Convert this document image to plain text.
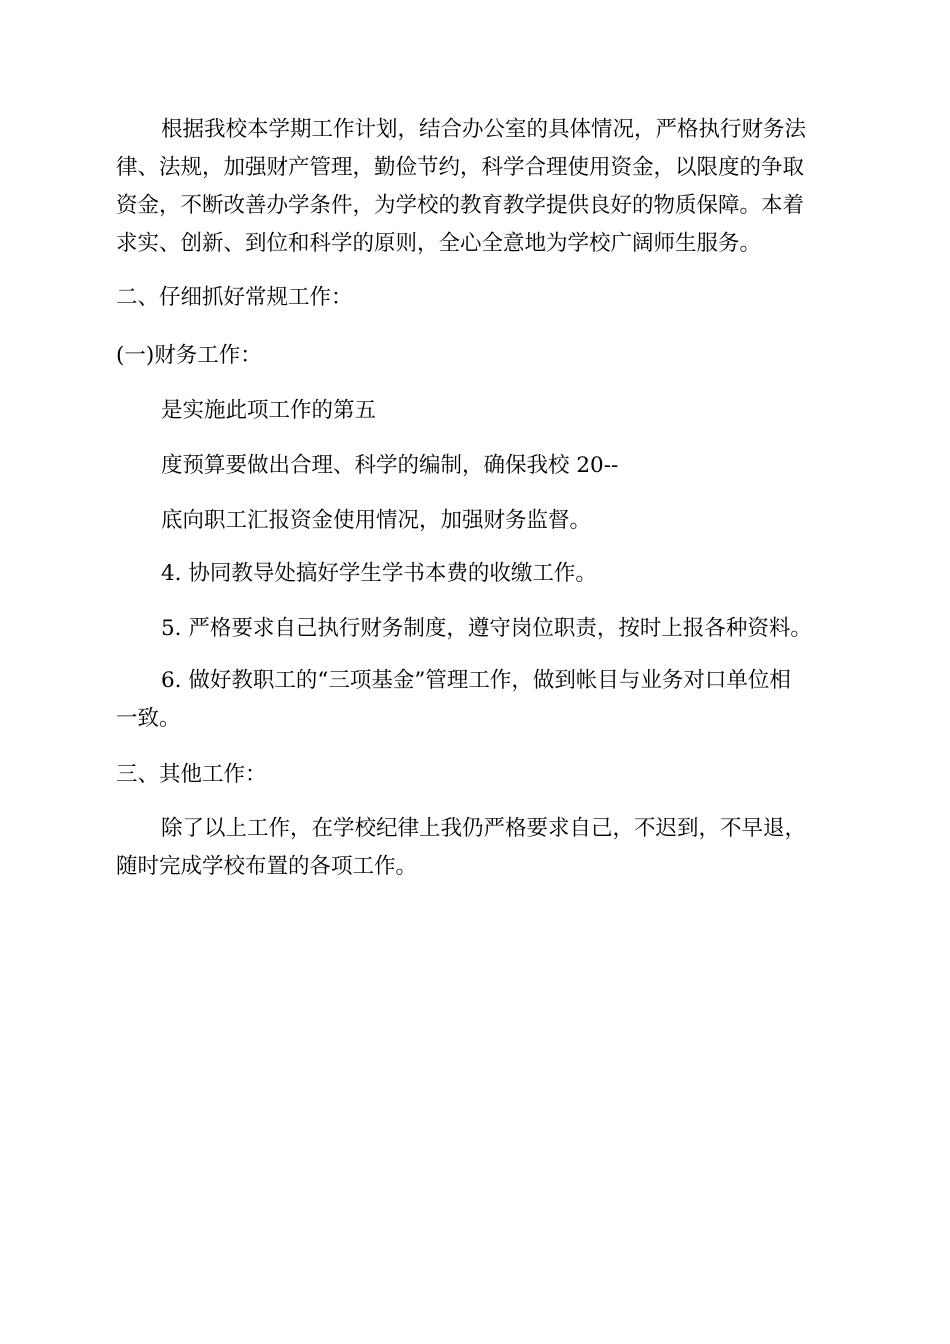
根据我校本学期工作计划，结合办公室的具体情况，严格执行财务法
律、法规，加强财产管理，勤俭节约，科学合理使用资金，以限度的争取
资金，不断改善办学条件，为学校的教育教学提供良好的物质保障。本着
求实、创新、到位和科学的原则，全心全意地为学校广阔师生服务。
二、仔细抓好常规工作：
(一)财务工作：
是实施此项工作的第五
度预算要做出合理、科学的编制，确保我校 20--
底向职工汇报资金使用情况，加强财务监督。
4. 协同教导处搞好学生学书本费的收缴工作。
5. 严格要求自己执行财务制度，遵守岗位职责，按时上报各种资料。
6. 做好教职工的“三项基金”管理工作，做到帐目与业务对口单位相
一致。
三、其他工作：
除了以上工作，在学校纪律上我仍严格要求自己，不迟到，不早退，
随时完成学校布置的各项工作。
